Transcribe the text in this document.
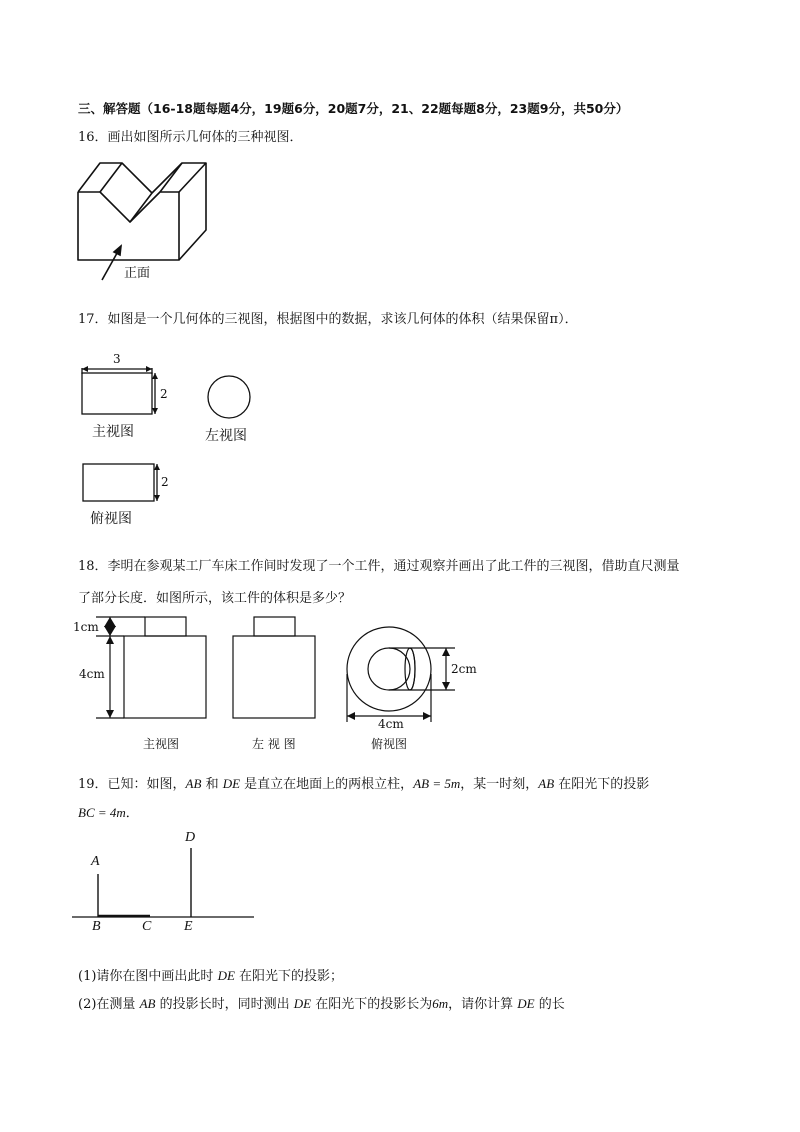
三、解答题（16-18题每题4分，19题6分，20题7分，21、22题每题8分，23题9分，共50分）
16．画出如图所示几何体的三种视图．
正面
17．如图是一个几何体的三视图，根据图中的数据，求该几何体的体积（结果保留π）．
3
2
2
主视图	左视图
俯视图
18．李明在参观某工厂车床工作间时发现了一个工件，通过观察并画出了此工件的三视图，借助直尺测量
了部分长度．如图所示，该工件的体积是多少？
1cm
4cm	2cm
4cm
主视图	左 视 图	俯视图
19．已知：如图，AB 和 DE 是直立在地面上的两根立柱，AB = 5m，某一时刻，AB 在阳光下的投影
BC = 4m．
A
B	C
D
E
(1)请你在图中画出此时 DE 在阳光下的投影；
(2)在测量 AB 的投影长时，同时测出 DE 在阳光下的投影长为6m，请你计算 DE 的长
